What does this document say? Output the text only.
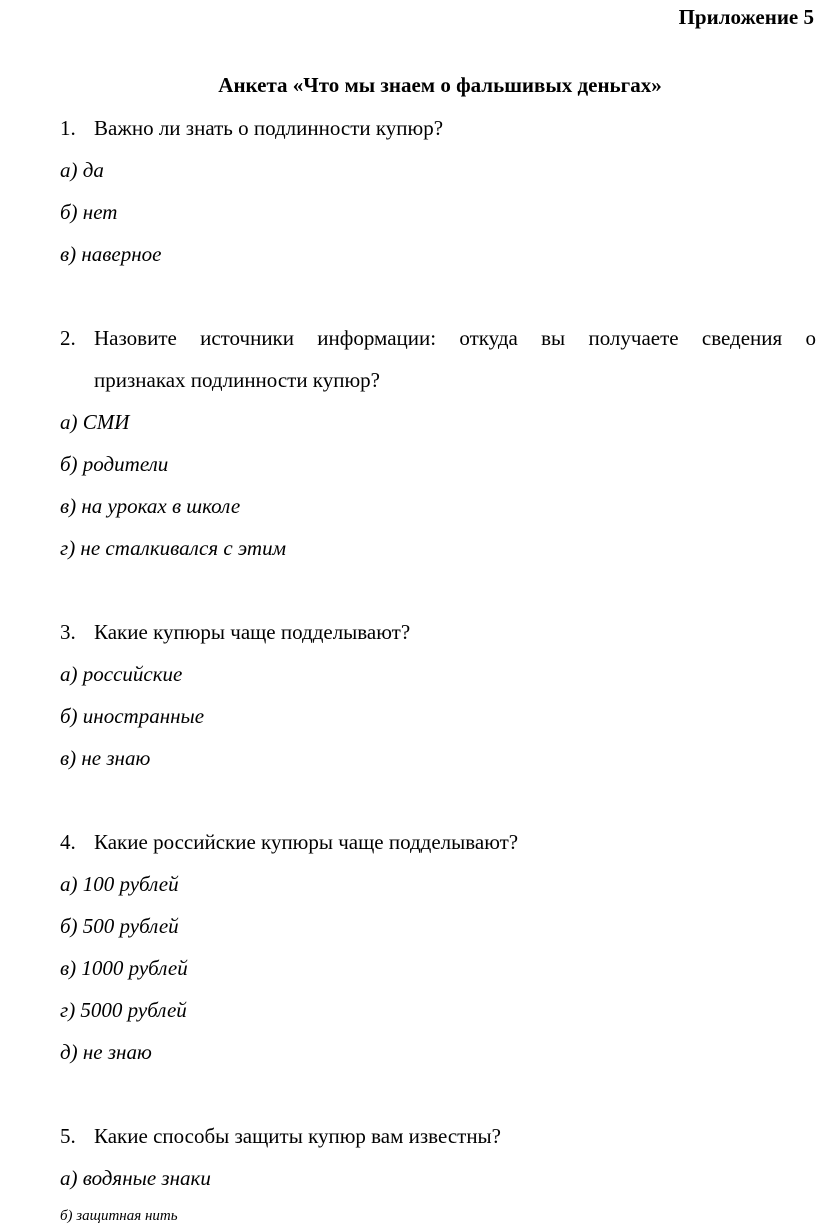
Приложение 5
Анкета «Что мы знаем о фальшивых деньгах»
1. Важно ли знать о подлинности купюр?
а) да
б) нет
в) наверное
2. Назовите источники информации: откуда вы получаете сведения о
признаках подлинности купюр?
а) СМИ
б) родители
в) на уроках в школе
г) не сталкивался с этим
3. Какие купюры чаще подделывают?
а) российские
б) иностранные
в) не знаю
4. Какие российские купюры чаще подделывают?
а) 100 рублей
б) 500 рублей
в) 1000 рублей
г) 5000 рублей
д) не знаю
5. Какие способы защиты купюр вам известны?
а) водяные знаки
б) защитная нить
